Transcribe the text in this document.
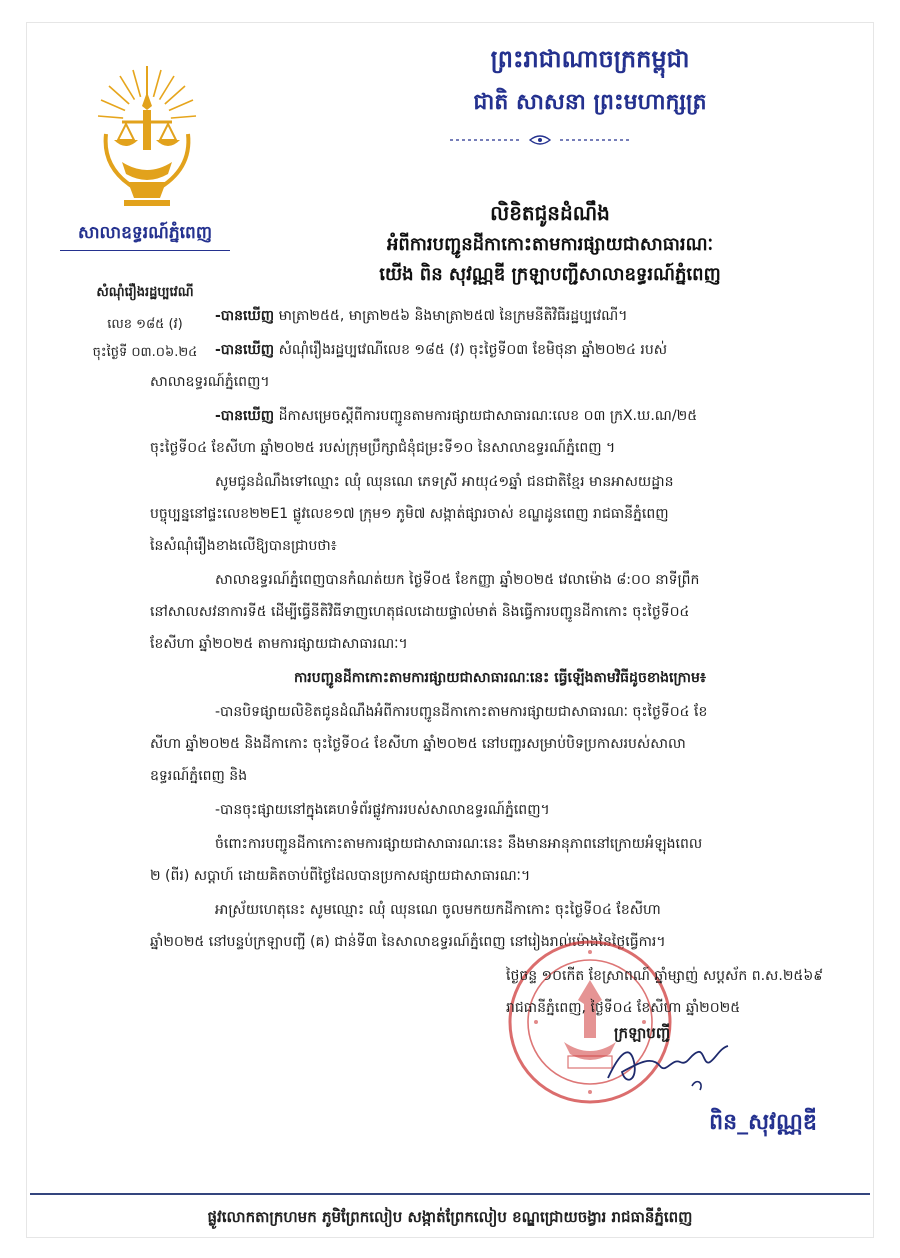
សាលាឧទ្ធរណ៍ភ្នំពេញ
សំណុំរឿងរដ្ឋប្បវេណី
លេខ ១៨៥ (វ)
ចុះថ្ងៃទី ០៣.០៦.២៤
ព្រះរាជាណាចក្រកម្ពុជា
ជាតិ សាសនា ព្រះមហាក្សត្រ
លិខិតជូនដំណឹង
អំពីការបញ្ជូនដីកាកោះតាមការផ្សាយជាសាធារណៈ
យើង ពិន សុវណ្ណឌី ក្រឡាបញ្ជីសាលាឧទ្ធរណ៍ភ្នំពេញ
-បានឃើញ មាត្រា២៥៥, មាត្រា២៥៦ និងមាត្រា២៥៧ នៃក្រមនីតិវិធីរដ្ឋប្បវេណី។
-បានឃើញ សំណុំរឿងរដ្ឋប្បវេណីលេខ ១៨៥ (វ) ចុះថ្ងៃទី០៣ ខែមិថុនា ឆ្នាំ២០២៤ របស់
សាលាឧទ្ធរណ៍ភ្នំពេញ។
-បានឃើញ ដីកាសម្រេចស្តីពីការបញ្ជូនតាមការផ្សាយជាសាធារណៈលេខ ០៣ ក្រX.ឃ.ណ/២៥
ចុះថ្ងៃទី០៤ ខែសីហា ឆ្នាំ២០២៥ របស់ក្រុមប្រឹក្សាជំនុំជម្រះទី១០ នៃសាលាឧទ្ធរណ៍ភ្នំពេញ ។
សូមជូនដំណឹងទៅឈ្មោះ ឈុំ ឈុនណេ ភេទស្រី អាយុ៤១ឆ្នាំ ជនជាតិខ្មែរ មានអាសយដ្ឋាន
បច្ចុប្បន្ននៅផ្ទះលេខ២២E1 ផ្លូវលេខ១៧ ក្រុម១ ភូមិ៧ សង្កាត់ផ្សារចាស់ ខណ្ឌដូនពេញ រាជធានីភ្នំពេញ
នៃសំណុំរឿងខាងលើឱ្យបានជ្រាបថា៖
សាលាឧទ្ធរណ៍ភ្នំពេញបានកំណត់យក ថ្ងៃទី០៥ ខែកញ្ញា ឆ្នាំ២០២៥ វេលាម៉ោង ៨:០០ នាទីព្រឹក
នៅសាលសវនាការទី៥ ដើម្បីធ្វើនីតិវិធីទាញហេតុផលដោយផ្ទាល់មាត់ និងធ្វើការបញ្ជូនដីកាកោះ ចុះថ្ងៃទី០៤
ខែសីហា ឆ្នាំ២០២៥ តាមការផ្សាយជាសាធារណៈ។
ការបញ្ជូនដីកាកោះតាមការផ្សាយជាសាធារណៈនេះ ធ្វើឡើងតាមវិធីដូចខាងក្រោម៖
-បានបិទផ្សាយលិខិតជូនដំណឹងអំពីការបញ្ជូនដីកាកោះតាមការផ្សាយជាសាធារណៈ ចុះថ្ងៃទី០៤ ខែ
សីហា ឆ្នាំ២០២៥ និងដីកាកោះ ចុះថ្ងៃទី០៤ ខែសីហា ឆ្នាំ២០២៥ នៅបញ្ជរសម្រាប់បិទប្រកាសរបស់សាលា
ឧទ្ធរណ៍ភ្នំពេញ និង
-បានចុះផ្សាយនៅក្នុងគេហទំព័រផ្លូវការរបស់សាលាឧទ្ធរណ៍ភ្នំពេញ។
ចំពោះការបញ្ជូនដីកាកោះតាមការផ្សាយជាសាធារណៈនេះ នឹងមានអានុភាពនៅក្រោយអំឡុងពេល
២ (ពីរ) សប្តាហ៍ ដោយគិតចាប់ពីថ្ងៃដែលបានប្រកាសផ្សាយជាសាធារណៈ។
អាស្រ័យហេតុនេះ សូមឈ្មោះ ឈុំ ឈុនណេ ចូលមកយកដីកាកោះ ចុះថ្ងៃទី០៤ ខែសីហា
ឆ្នាំ២០២៥ នៅបន្ទប់ក្រឡាបញ្ជី (គ) ជាន់ទី៣ នៃសាលាឧទ្ធរណ៍ភ្នំពេញ នៅរៀងរាល់ម៉ោងនៃថ្ងៃធ្វើការ។
ថ្ងៃចន្ទ ១០កើត ខែស្រាពណ៍ ឆ្នាំម្សាញ់ សប្តស័ក ព.ស.២៥៦៩
រាជធានីភ្នំពេញ, ថ្ងៃទី០៤ ខែសីហា ឆ្នាំ២០២៥
ក្រឡាបញ្ជី
ពិន_សុវណ្ណឌី
ផ្លូវលោកតាក្រហមក ភូមិព្រែកលៀប សង្កាត់ព្រែកលៀប ខណ្ឌជ្រោយចង្វារ រាជធានីភ្នំពេញ
